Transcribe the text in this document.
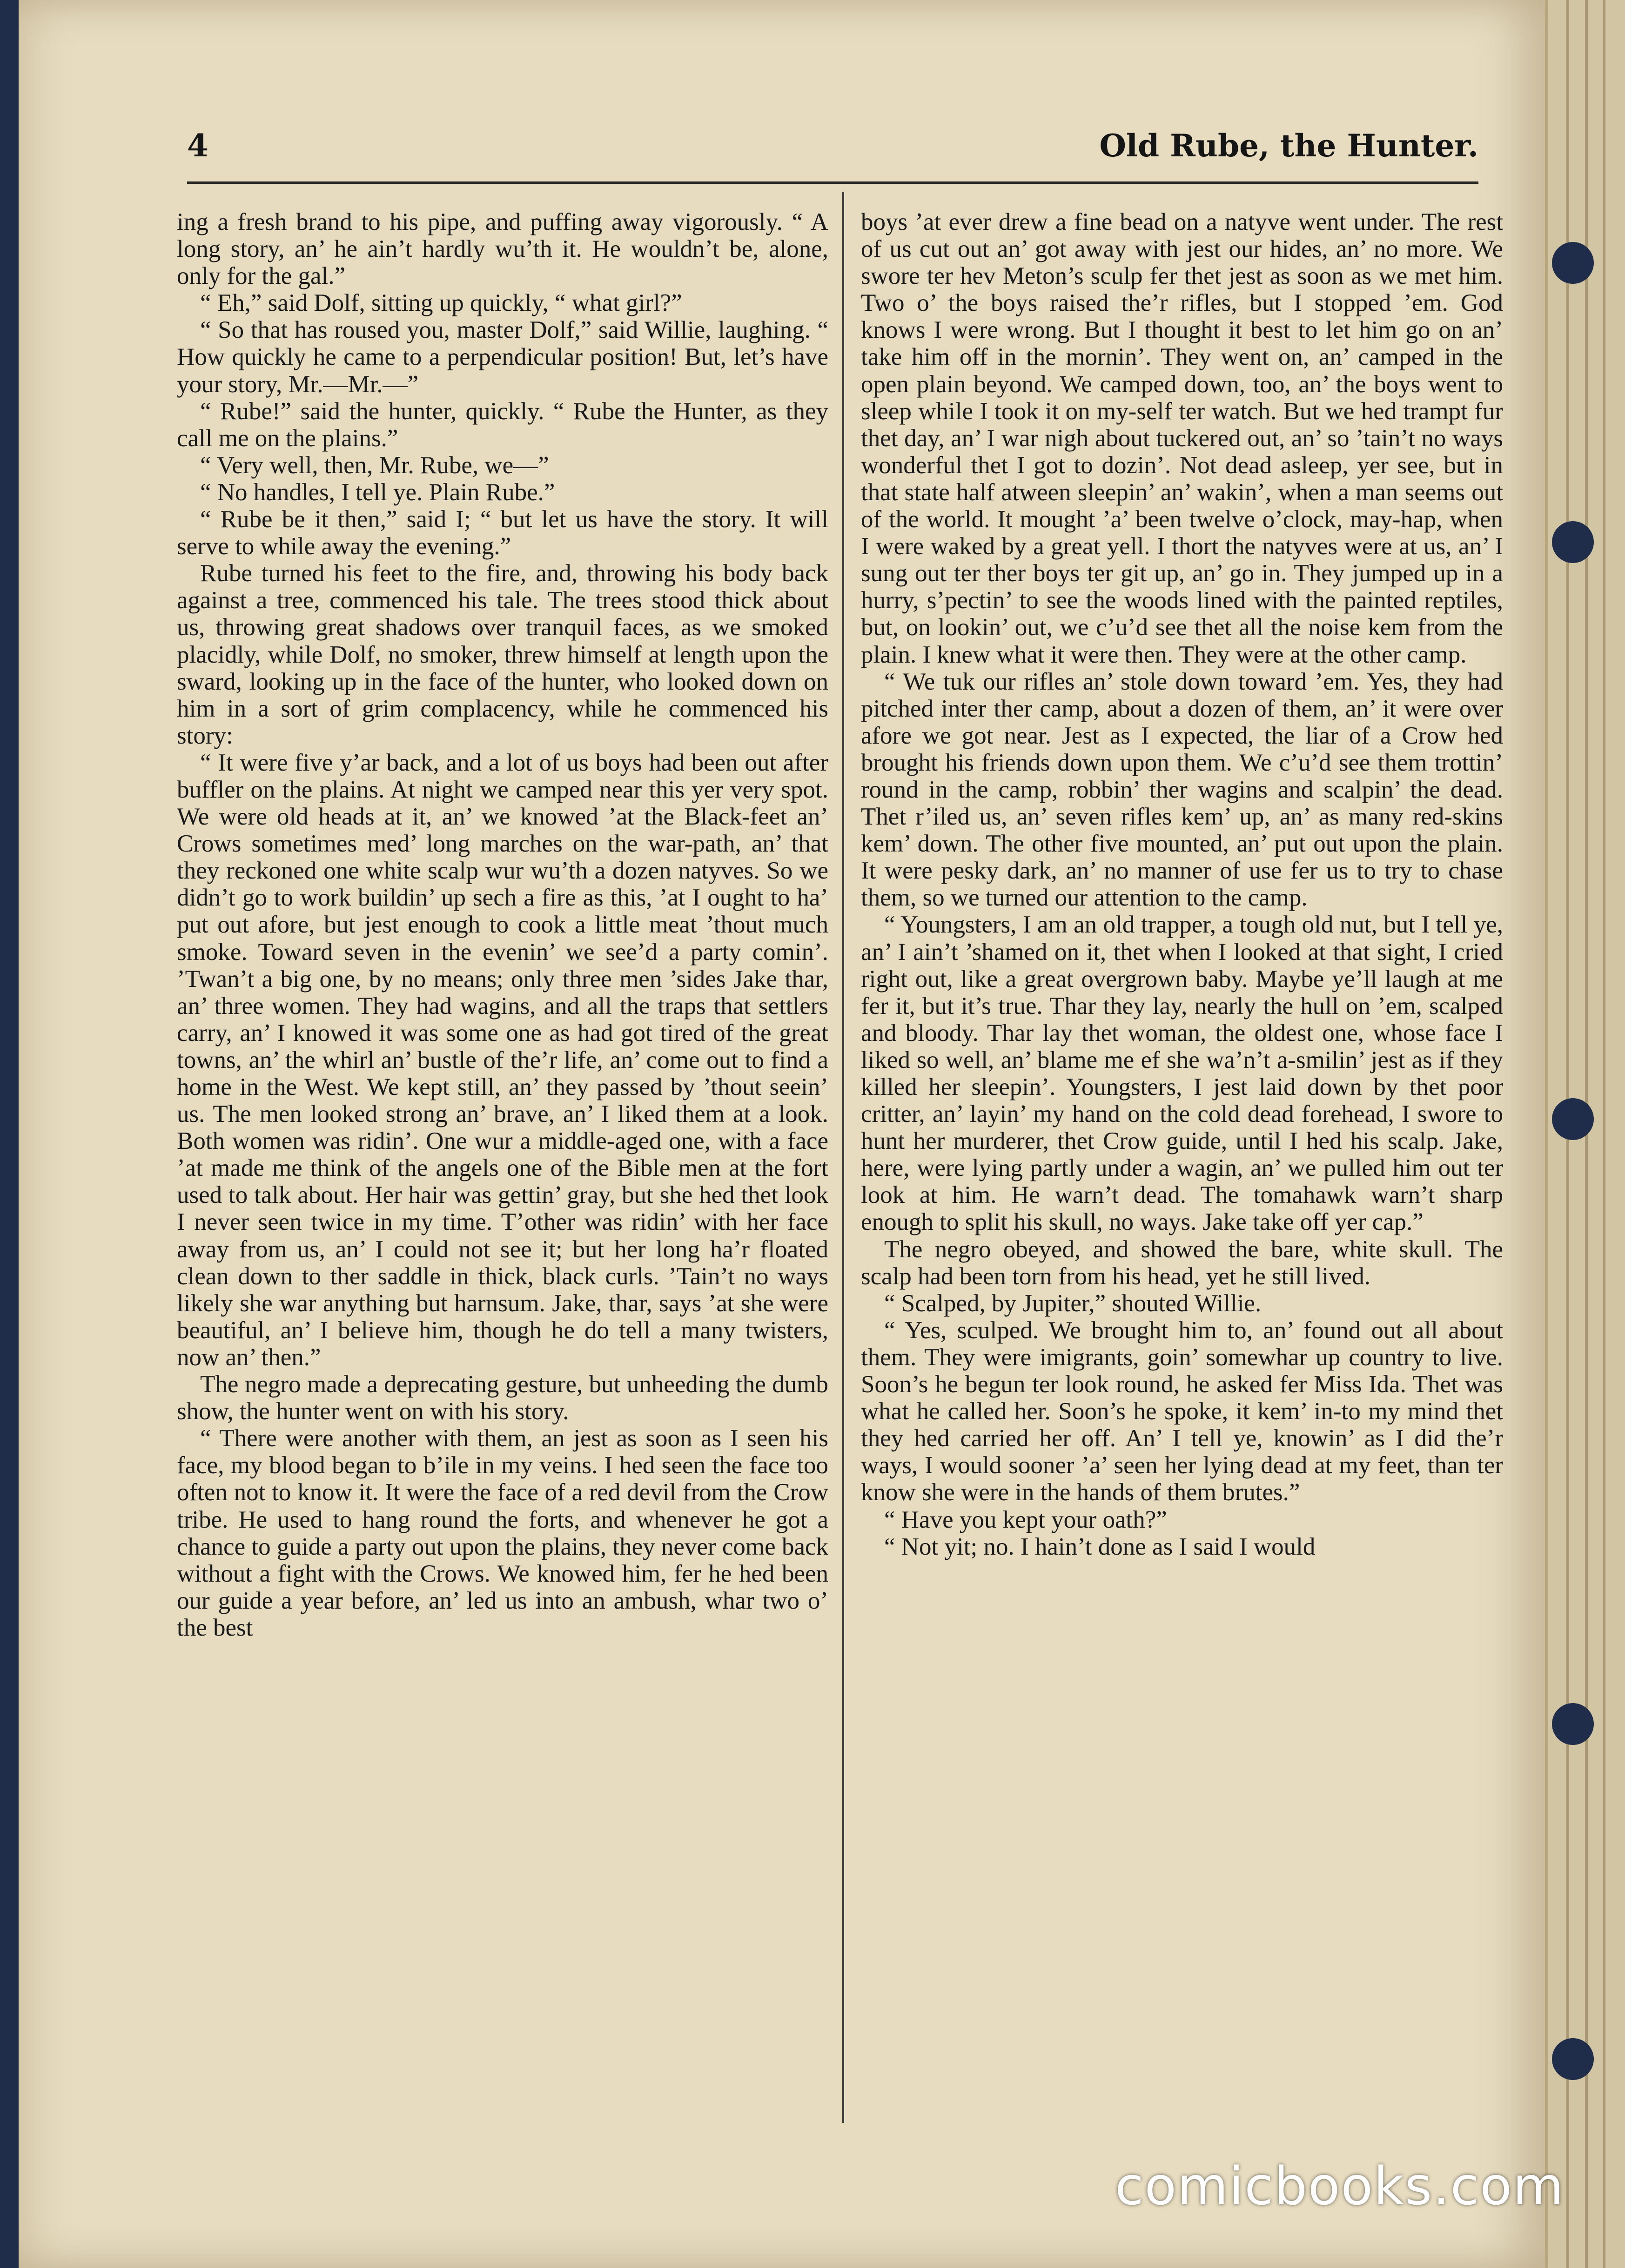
4	Old Rube, the Hunter.

ing a fresh brand to his pipe, and puffing away vigorously. “ A long story, an’ he ain’t hardly wu’th it. He wouldn’t be, alone, only for the gal.”

“ Eh,” said Dolf, sitting up quickly, “ what girl?”

“ So that has roused you, master Dolf,” said Willie, laughing. “ How quickly he came to a perpendicular position! But, let’s have your story, Mr.—Mr.—”

“ Rube!” said the hunter, quickly. “ Rube the Hunter, as they call me on the plains.”

“ Very well, then, Mr. Rube, we—”

“ No handles, I tell ye. Plain Rube.”

“ Rube be it then,” said I; “ but let us have the story. It will serve to while away the evening.”

Rube turned his feet to the fire, and, throwing his body back against a tree, commenced his tale. The trees stood thick about us, throwing great shadows over tranquil faces, as we smoked placidly, while Dolf, no smoker, threw himself at length upon the sward, looking up in the face of the hunter, who looked down on him in a sort of grim complacency, while he commenced his story:

“ It were five y’ar back, and a lot of us boys had been out after buffler on the plains. At night we camped near this yer very spot. We were old heads at it, an’ we knowed ’at the Black-feet an’ Crows sometimes med’ long marches on the war-path, an’ that they reckoned one white scalp wur wu’th a dozen natyves. So we didn’t go to work buildin’ up sech a fire as this, ’at I ought to ha’ put out afore, but jest enough to cook a little meat ’thout much smoke. Toward seven in the evenin’ we see’d a party comin’. ’Twan’t a big one, by no means; only three men ’sides Jake thar, an’ three women. They had wagins, and all the traps that settlers carry, an’ I knowed it was some one as had got tired of the great towns, an’ the whirl an’ bustle of the’r life, an’ come out to find a home in the West. We kept still, an’ they passed by ’thout seein’ us. The men looked strong an’ brave, an’ I liked them at a look. Both women was ridin’. One wur a middle-aged one, with a face ’at made me think of the angels one of the Bible men at the fort used to talk about. Her hair was gettin’ gray, but she hed thet look I never seen twice in my time. T’other was ridin’ with her face away from us, an’ I could not see it; but her long ha’r floated clean down to ther saddle in thick, black curls. ’Tain’t no ways likely she war anything but harnsum. Jake, thar, says ’at she were beautiful, an’ I believe him, though he do tell a many twisters, now an’ then.”

The negro made a deprecating gesture, but unheeding the dumb show, the hunter went on with his story.

“ There were another with them, an jest as soon as I seen his face, my blood began to b’ile in my veins. I hed seen the face too often not to know it. It were the face of a red devil from the Crow tribe. He used to hang round the forts, and whenever he got a chance to guide a party out upon the plains, they never come back without a fight with the Crows. We knowed him, fer he hed been our guide a year before, an’ led us into an ambush, whar two o’ the best

boys ’at ever drew a fine bead on a natyve went under. The rest of us cut out an’ got away with jest our hides, an’ no more. We swore ter hev Meton’s sculp fer thet jest as soon as we met him. Two o’ the boys raised the’r rifles, but I stopped ’em. God knows I were wrong. But I thought it best to let him go on an’ take him off in the mornin’. They went on, an’ camped in the open plain beyond. We camped down, too, an’ the boys went to sleep while I took it on my-self ter watch. But we hed trampt fur thet day, an’ I war nigh about tuckered out, an’ so ’tain’t no ways wonderful thet I got to dozin’. Not dead asleep, yer see, but in that state half atween sleepin’ an’ wakin’, when a man seems out of the world. It mought ’a’ been twelve o’clock, may-hap, when I were waked by a great yell. I thort the natyves were at us, an’ I sung out ter ther boys ter git up, an’ go in. They jumped up in a hurry, s’pectin’ to see the woods lined with the painted reptiles, but, on lookin’ out, we c’u’d see thet all the noise kem from the plain. I knew what it were then. They were at the other camp.

“ We tuk our rifles an’ stole down toward ’em. Yes, they had pitched inter ther camp, about a dozen of them, an’ it were over afore we got near. Jest as I expected, the liar of a Crow hed brought his friends down upon them. We c’u’d see them trottin’ round in the camp, robbin’ ther wagins and scalpin’ the dead. Thet r’iled us, an’ seven rifles kem’ up, an’ as many red-skins kem’ down. The other five mounted, an’ put out upon the plain. It were pesky dark, an’ no manner of use fer us to try to chase them, so we turned our attention to the camp.

“ Youngsters, I am an old trapper, a tough old nut, but I tell ye, an’ I ain’t ’shamed on it, thet when I looked at that sight, I cried right out, like a great overgrown baby. Maybe ye’ll laugh at me fer it, but it’s true. Thar they lay, nearly the hull on ’em, scalped and bloody. Thar lay thet woman, the oldest one, whose face I liked so well, an’ blame me ef she wa’n’t a-smilin’ jest as if they killed her sleepin’. Youngsters, I jest laid down by thet poor critter, an’ layin’ my hand on the cold dead forehead, I swore to hunt her murderer, thet Crow guide, until I hed his scalp. Jake, here, were lying partly under a wagin, an’ we pulled him out ter look at him. He warn’t dead. The tomahawk warn’t sharp enough to split his skull, no ways. Jake take off yer cap.”

The negro obeyed, and showed the bare, white skull. The scalp had been torn from his head, yet he still lived.

“ Scalped, by Jupiter,” shouted Willie.

“ Yes, sculped. We brought him to, an’ found out all about them. They were imigrants, goin’ somewhar up country to live. Soon’s he begun ter look round, he asked fer Miss Ida. Thet was what he called her. Soon’s he spoke, it kem’ in-to my mind thet they hed carried her off. An’ I tell ye, knowin’ as I did the’r ways, I would sooner ’a’ seen her lying dead at my feet, than ter know she were in the hands of them brutes.”

“ Have you kept your oath?”

“ Not yit; no. I hain’t done as I said I would

comicbooks.com
